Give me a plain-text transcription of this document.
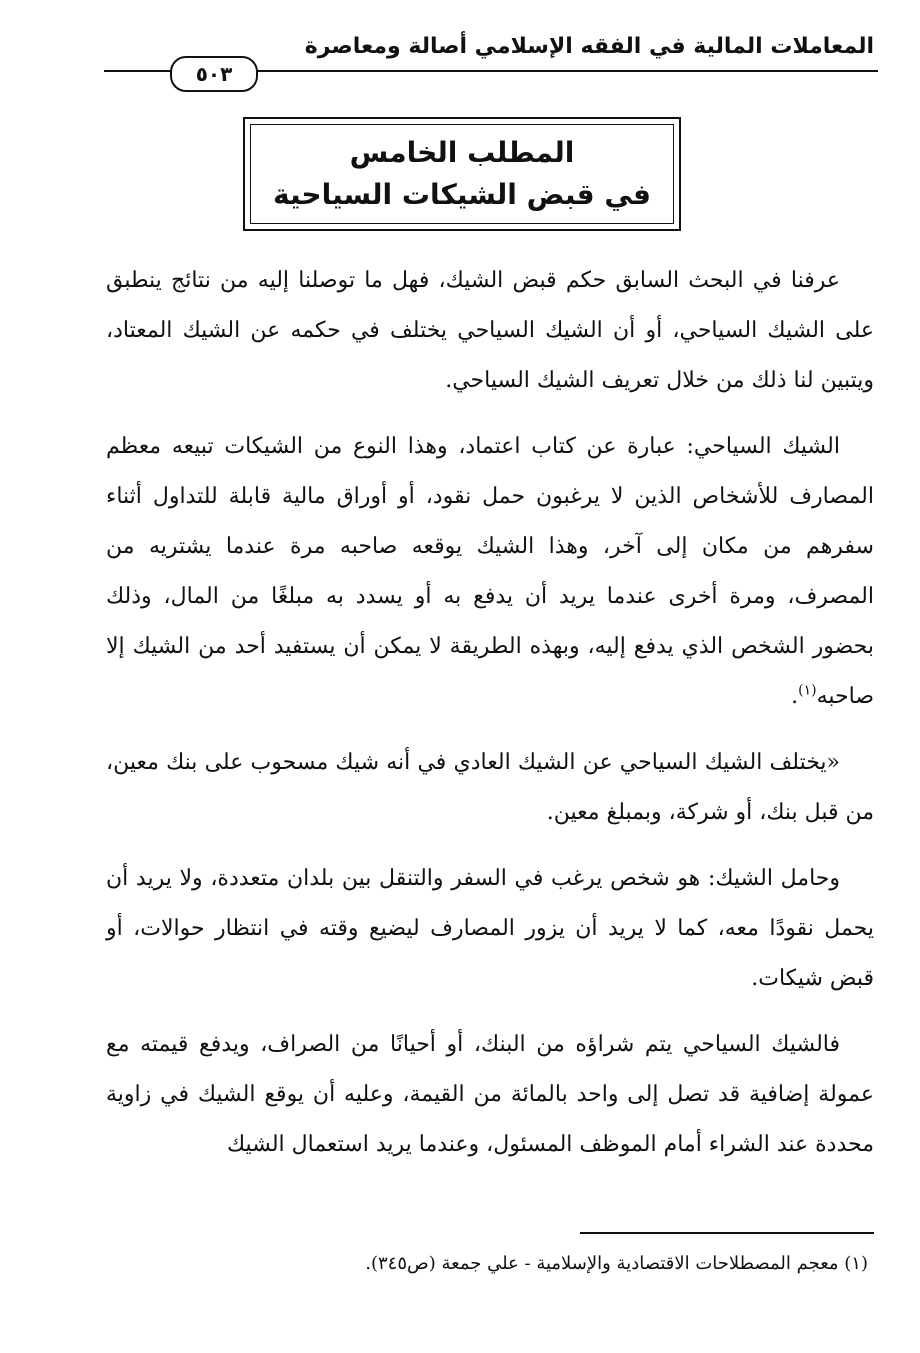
المعاملات المالية في الفقه الإسلامي أصالة ومعاصرة
٥٠٣
المطلب الخامس
في قبض الشيكات السياحية

عرفنا في البحث السابق حكم قبض الشيك، فهل ما توصلنا إليه من نتائج ينطبق على الشيك السياحي، أو أن الشيك السياحي يختلف في حكمه عن الشيك المعتاد، ويتبين لنا ذلك من خلال تعريف الشيك السياحي.

الشيك السياحي: عبارة عن كتاب اعتماد، وهذا النوع من الشيكات تبيعه معظم المصارف للأشخاص الذين لا يرغبون حمل نقود، أو أوراق مالية قابلة للتداول أثناء سفرهم من مكان إلى آخر، وهذا الشيك يوقعه صاحبه مرة عندما يشتريه من المصرف، ومرة أخرى عندما يريد أن يدفع به أو يسدد به مبلغًا من المال، وذلك بحضور الشخص الذي يدفع إليه، وبهذه الطريقة لا يمكن أن يستفيد أحد من الشيك إلا صاحبه$^{(١)}$.

«يختلف الشيك السياحي عن الشيك العادي في أنه شيك مسحوب على بنك معين، من قبل بنك، أو شركة، وبمبلغ معين.

وحامل الشيك: هو شخص يرغب في السفر والتنقل بين بلدان متعددة، ولا يريد أن يحمل نقودًا معه، كما لا يريد أن يزور المصارف ليضيع وقته في انتظار حوالات، أو قبض شيكات.

فالشيك السياحي يتم شراؤه من البنك، أو أحيانًا من الصراف، ويدفع قيمته مع عمولة إضافية قد تصل إلى واحد بالمائة من القيمة، وعليه أن يوقع الشيك في زاوية محددة عند الشراء أمام الموظف المسئول، وعندما يريد استعمال الشيك

(١) معجم المصطلاحات الاقتصادية والإسلامية - علي جمعة (ص٣٤٥).
